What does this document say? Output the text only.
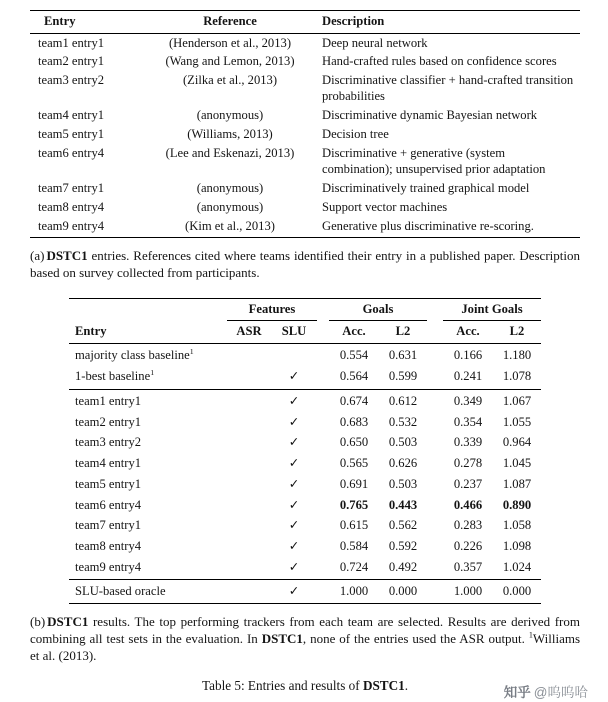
Entry	Reference	Description
team1 entry1	(Henderson et al., 2013)	Deep neural network
team2 entry1	(Wang and Lemon, 2013)	Hand-crafted rules based on confidence scores
team3 entry2	(Zilka et al., 2013)	Discriminative classifier + hand-crafted transition probabilities
team4 entry1	(anonymous)	Discriminative dynamic Bayesian network
team5 entry1	(Williams, 2013)	Decision tree
team6 entry4	(Lee and Eskenazi, 2013)	Discriminative + generative (system combination); unsupervised prior adaptation
team7 entry1	(anonymous)	Discriminatively trained graphical model
team8 entry4	(anonymous)	Support vector machines
team9 entry4	(Kim et al., 2013)	Generative plus discriminative re-scoring.

(a) DSTC1 entries. References cited where teams identified their entry in a published paper. Description based on survey collected from participants.

	Features			Goals			Joint Goals	
Entry	ASR	SLU		Acc.	L2		Acc.	L2
majority class baseline$^1$				0.554	0.631		0.166	1.180
1-best baseline$^1$		✓		0.564	0.599		0.241	1.078
team1 entry1		✓		0.674	0.612		0.349	1.067
team2 entry1		✓		0.683	0.532		0.354	1.055
team3 entry2		✓		0.650	0.503		0.339	0.964
team4 entry1		✓		0.565	0.626		0.278	1.045
team5 entry1		✓		0.691	0.503		0.237	1.087
team6 entry4		✓		0.765	0.443		0.466	0.890
team7 entry1		✓		0.615	0.562		0.283	1.058
team8 entry4		✓		0.584	0.592		0.226	1.098
team9 entry4		✓		0.724	0.492		0.357	1.024
SLU-based oracle		✓		1.000	0.000		1.000	0.000

(b) DSTC1 results. The top performing trackers from each team are selected. Results are derived from combining all test sets in the evaluation. In DSTC1, none of the entries used the ASR output. $^1$Williams et al. (2013).

Table 5: Entries and results of DSTC1.	知乎 @呜呜哈
